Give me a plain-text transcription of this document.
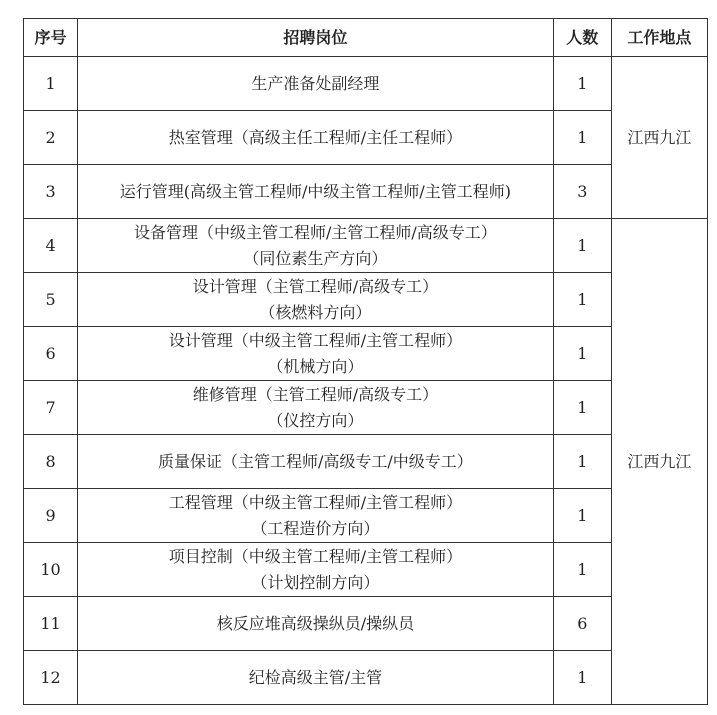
序号	招聘岗位	人数	工作地点
1	生产准备处副经理	1	江西九江
2	热室管理（高级主任工程师/主任工程师）	1	
3	运行管理(高级主管工程师/中级主管工程师/主管工程师)	3	
4	设备管理（中级主管工程师/主管工程师/高级专工）
（同位素生产方向）	1	江西九江
5	设计管理（主管工程师/高级专工）
（核燃料方向）	1	
6	设计管理（中级主管工程师/主管工程师）
（机械方向）	1	
7	维修管理（主管工程师/高级专工）
（仪控方向）	1	
8	质量保证（主管工程师/高级专工/中级专工）	1	
9	工程管理（中级主管工程师/主管工程师）
（工程造价方向）	1	
10	项目控制（中级主管工程师/主管工程师）
（计划控制方向）	1	
11	核反应堆高级操纵员/操纵员	6	
12	纪检高级主管/主管	1	
